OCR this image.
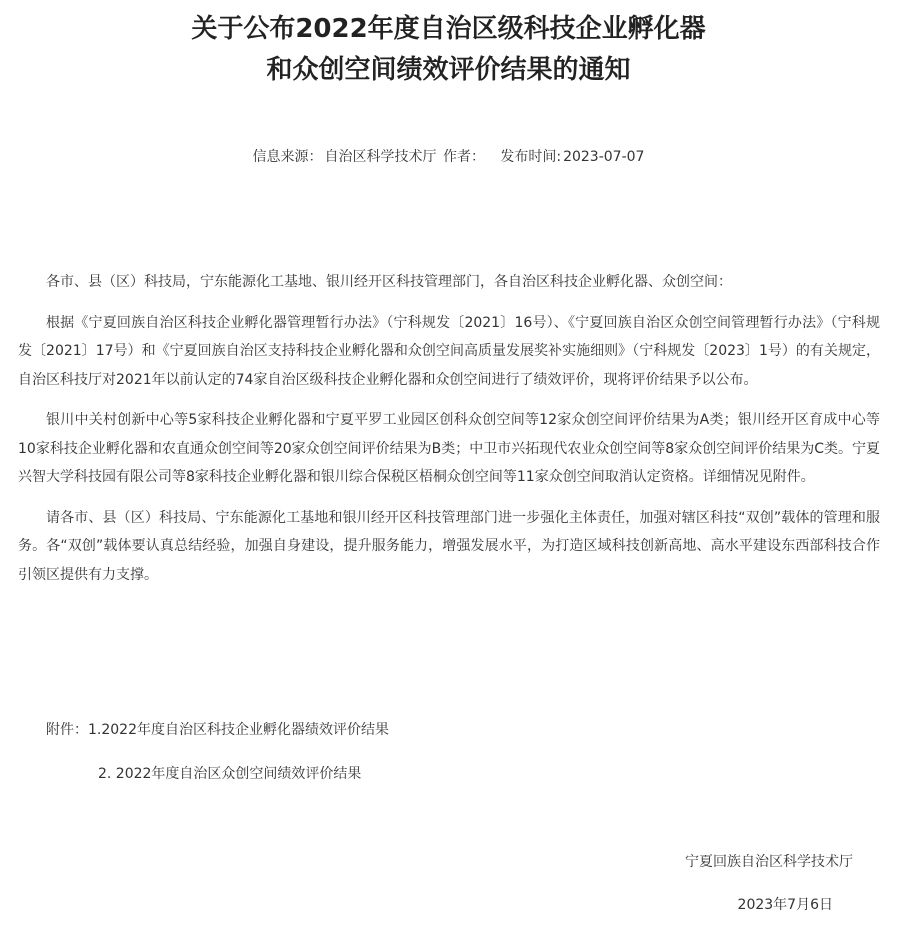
关于公布2022年度自治区级科技企业孵化器
和众创空间绩效评价结果的通知
信息来源： 自治区科学技术厅 作者： 发布时间: 2023-07-07

各市、县（区）科技局，宁东能源化工基地、银川经开区科技管理部门，各自治区科技企业孵化器、众创空间：

根据《宁夏回族自治区科技企业孵化器管理暂行办法》（宁科规发〔2021〕16号）、《宁夏回族自治区众创空间管理暂行办法》（宁科规发〔2021〕17号）和《宁夏回族自治区支持科技企业孵化器和众创空间高质量发展奖补实施细则》（宁科规发〔2023〕1号）的有关规定，自治区科技厅对2021年以前认定的74家自治区级科技企业孵化器和众创空间进行了绩效评价，现将评价结果予以公布。

银川中关村创新中心等5家科技企业孵化器和宁夏平罗工业园区创科众创空间等12家众创空间评价结果为A类；银川经开区育成中心等10家科技企业孵化器和农直通众创空间等20家众创空间评价结果为B类；中卫市兴拓现代农业众创空间等8家众创空间评价结果为C类。宁夏兴智大学科技园有限公司等8家科技企业孵化器和银川综合保税区梧桐众创空间等11家众创空间取消认定资格。详细情况见附件。

请各市、县（区）科技局、宁东能源化工基地和银川经开区科技管理部门进一步强化主体责任，加强对辖区科技“双创”载体的管理和服务。各“双创”载体要认真总结经验，加强自身建设，提升服务能力，增强发展水平，为打造区域科技创新高地、高水平建设东西部科技合作引领区提供有力支撑。

附件：1.2022年度自治区科技企业孵化器绩效评价结果
2. 2022年度自治区众创空间绩效评价结果
宁夏回族自治区科学技术厅
2023年7月6日
